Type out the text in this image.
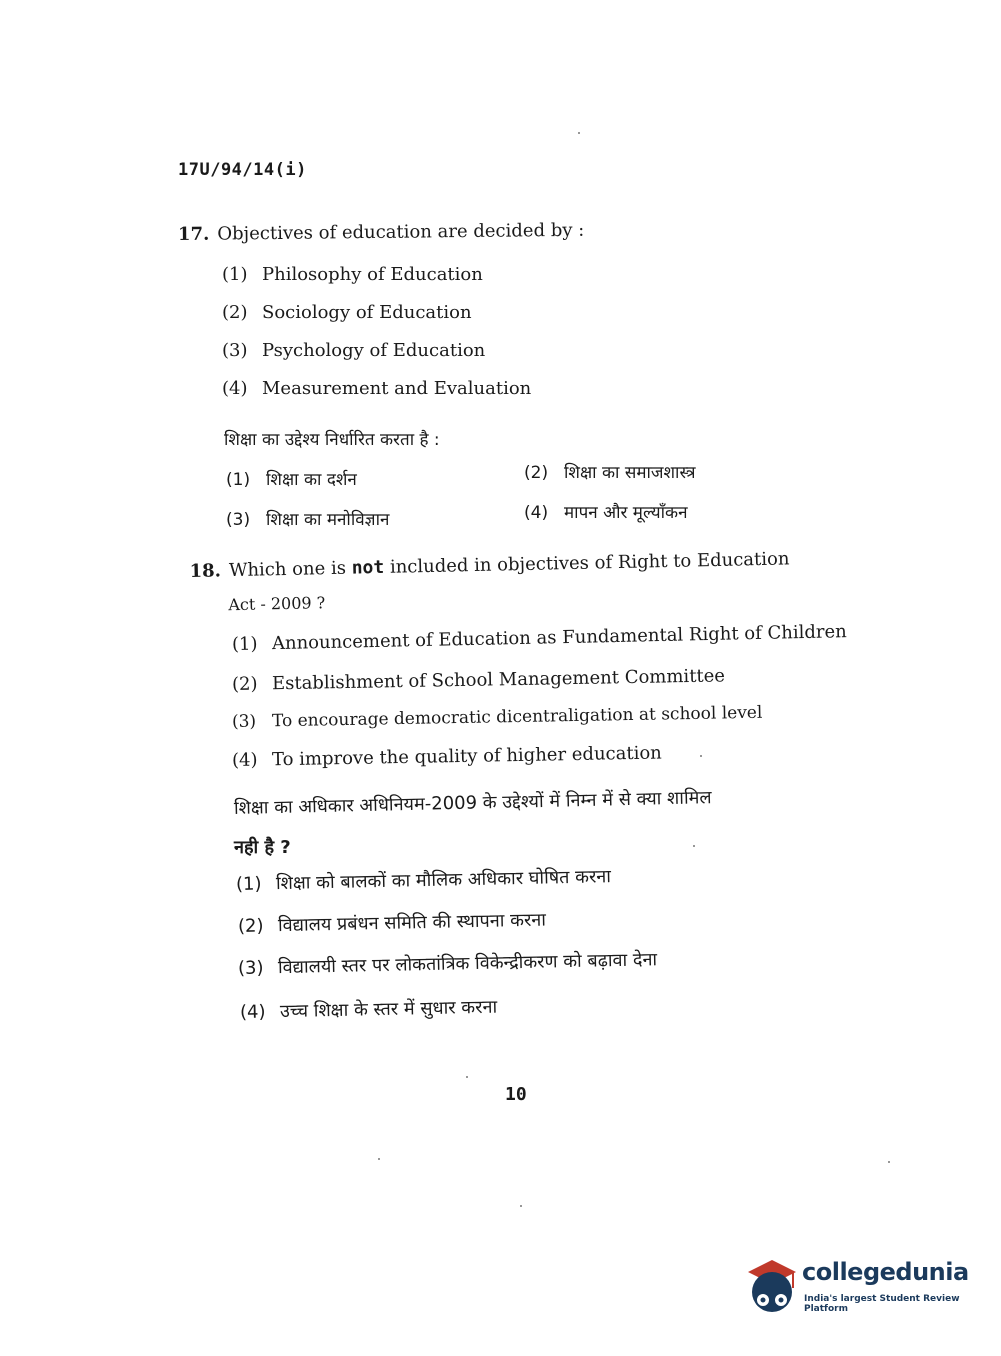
17U/94/14(i)
17. Objectives of education are decided by :
(1) Philosophy of Education
(2) Sociology of Education
(3) Psychology of Education
(4) Measurement and Evaluation
शिक्षा का उद्देश्य निर्धारित करता है :
(1) शिक्षा का दर्शन	(2) शिक्षा का समाजशास्त्र
(3) शिक्षा का मनोविज्ञान	(4) मापन और मूल्याँकन
18. Which one is not included in objectives of Right to Education
Act - 2009 ?
(1) Announcement of Education as Fundamental Right of Children
(2) Establishment of School Management Committee
(3) To encourage democratic dicentraligation at school level
(4) To improve the quality of higher education
शिक्षा का अधिकार अधिनियम-2009 के उद्देश्यों में निम्न में से क्या शामिल
नही है ?
(1) शिक्षा को बालकों का मौलिक अधिकार घोषित करना
(2) विद्यालय प्रबंधन समिति की स्थापना करना
(3) विद्यालयी स्तर पर लोकतांत्रिक विकेन्द्रीकरण को बढ़ावा देना
(4) उच्च शिक्षा के स्तर में सुधार करना
10
collegedunia
India's largest Student Review Platform
